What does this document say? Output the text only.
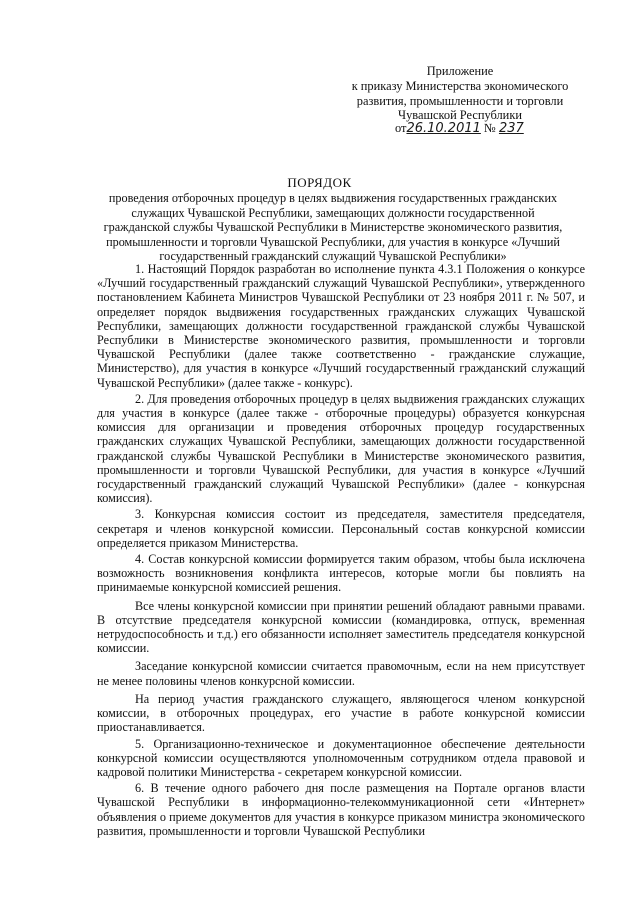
Приложение
к приказу Министерства экономического
развития, промышленности и торговли
Чувашской Республики
от26.10.2011 № 237
ПОРЯДОК
проведения отборочных процедур в целях выдвижения государственных гражданских
служащих Чувашской Республики, замещающих должности государственной
гражданской службы Чувашской Республики в Министерстве экономического развития,
промышленности и торговли Чувашской Республики, для участия в конкурсе «Лучший
государственный гражданский служащий Чувашской Республики»

1. Настоящий Порядок разработан во исполнение пункта 4.3.1 Положения о конкурсе «Лучший государственный гражданский служащий Чувашской Республики», утвержденного постановлением Кабинета Министров Чувашской Республики от 23 ноября 2011 г. № 507, и определяет порядок выдвижения государственных гражданских служащих Чувашской Республики, замещающих должности государственной гражданской службы Чувашской Республики в Министерстве экономического развития, промышленности и торговли Чувашской Республики (далее также соответственно - гражданские служащие, Министерство), для участия в конкурсе «Лучший государственный гражданский служащий Чувашской Республики» (далее также - конкурс).

2. Для проведения отборочных процедур в целях выдвижения гражданских служащих для участия в конкурсе (далее также - отборочные процедуры) образуется конкурсная комиссия для организации и проведения отборочных процедур государственных гражданских служащих Чувашской Республики, замещающих должности государственной гражданской службы Чувашской Республики в Министерстве экономического развития, промышленности и торговли Чувашской Республики, для участия в конкурсе «Лучший государственный гражданский служащий Чувашской Республики» (далее - конкурсная комиссия).

3. Конкурсная комиссия состоит из председателя, заместителя председателя, секретаря и членов конкурсной комиссии. Персональный состав конкурсной комиссии определяется приказом Министерства.

4. Состав конкурсной комиссии формируется таким образом, чтобы была исключена возможность возникновения конфликта интересов, которые могли бы повлиять на принимаемые конкурсной комиссией решения.

Все члены конкурсной комиссии при принятии решений обладают равными правами. В отсутствие председателя конкурсной комиссии (командировка, отпуск, временная нетрудоспособность и т.д.) его обязанности исполняет заместитель председателя конкурсной комиссии.

Заседание конкурсной комиссии считается правомочным, если на нем присутствует не менее половины членов конкурсной комиссии.

На период участия гражданского служащего, являющегося членом конкурсной комиссии, в отборочных процедурах, его участие в работе конкурсной комиссии приостанавливается.

5. Организационно-техническое и документационное обеспечение деятельности конкурсной комиссии осуществляются уполномоченным сотрудником отдела правовой и кадровой политики Министерства - секретарем конкурсной комиссии.

6. В течение одного рабочего дня после размещения на Портале органов власти Чувашской Республики в информационно-телекоммуникационной сети «Интернет» объявления о приеме документов для участия в конкурсе приказом министра экономического развития, промышленности и торговли Чувашской Республики
